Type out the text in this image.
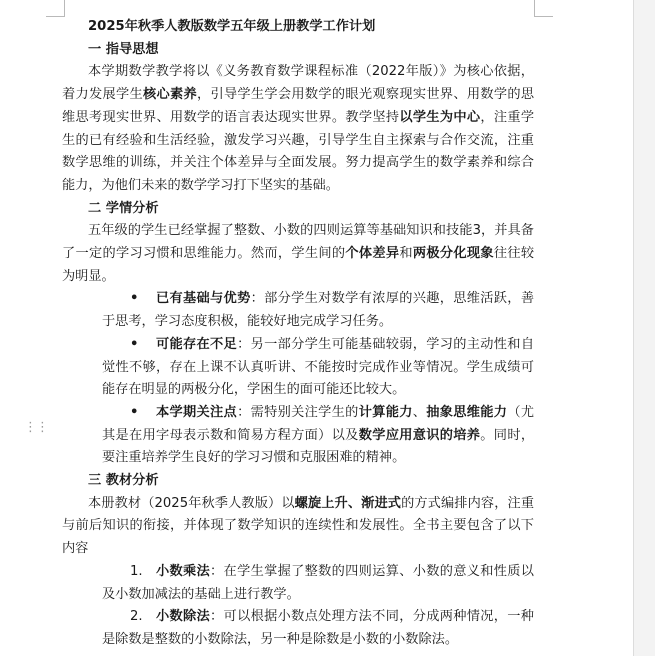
⋮⋮

2025年秋季人教版数学五年级上册教学工作计划

一 指导思想

本学期数学教学将以《义务教育数学课程标准（2022年版）》为核心依据，着力发展学生核心素养，引导学生学会用数学的眼光观察现实世界、用数学的思维思考现实世界、用数学的语言表达现实世界。教学坚持以学生为中心，注重学生的已有经验和生活经验，激发学习兴趣，引导学生自主探索与合作交流，注重数学思维的训练，并关注个体差异与全面发展。努力提高学生的数学素养和综合能力，为他们未来的数学学习打下坚实的基础。

二 学情分析

五年级的学生已经掌握了整数、小数的四则运算等基础知识和技能3，并具备了一定的学习习惯和思维能力。然而，学生间的个体差异和两极分化现象往往较为明显。

• 已有基础与优势：部分学生对数学有浓厚的兴趣，思维活跃，善于思考，学习态度积极，能较好地完成学习任务。

• 可能存在不足：另一部分学生可能基础较弱，学习的主动性和自觉性不够，存在上课不认真听讲、不能按时完成作业等情况。学生成绩可能存在明显的两极分化，学困生的面可能还比较大。

• 本学期关注点：需特别关注学生的计算能力、抽象思维能力（尤其是在用字母表示数和简易方程方面）以及数学应用意识的培养。同时，要注重培养学生良好的学习习惯和克服困难的精神。

三 教材分析

本册教材（2025年秋季人教版）以螺旋上升、渐进式的方式编排内容，注重与前后知识的衔接，并体现了数学知识的连续性和发展性。全书主要包含了以下内容

1. 小数乘法：在学生掌握了整数的四则运算、小数的意义和性质以及小数加减法的基础上进行教学。

2. 小数除法：可以根据小数点处理方法不同，分成两种情况，一种是除数是整数的小数除法，另一种是除数是小数的小数除法。
